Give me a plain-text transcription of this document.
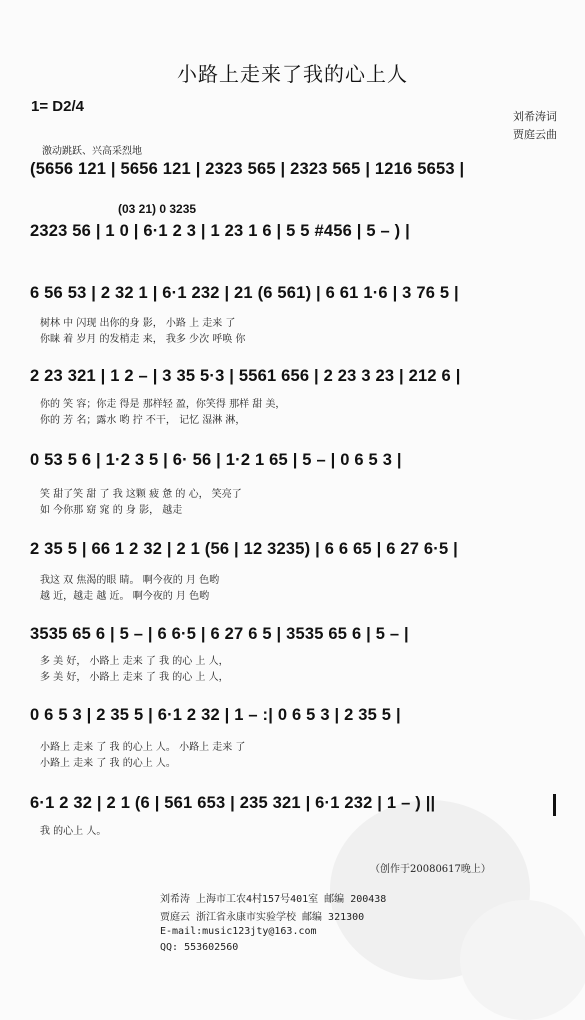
小路上走来了我的心上人
1= D2/4
刘希涛词
贾庭云曲
激动跳跃、兴高采烈地
(5656 121 | 5656 121 | 2323 565 | 2323 565 | 1216 5653 |
(03 21) 0 3235
2323 56 | 1 0 | 6·1 2 3 | 1 23 1 6 | 5 5 #456 | 5 – ) |
6 56 53 | 2 32 1 | 6·1 232 | 21 (6 561) | 6 61 1·6 | 3 76 5 |
树林 中 闪现 出你的身 影， 小路 上 走来 了
你睐 着 岁月 的发梢走 来， 我多 少次 呼唤 你
2 23 321 | 1 2 – | 3 35 5·3 | 5561 656 | 2 23 3 23 | 212 6 |
你的 笑 容；你走 得是 那样轻 盈，你笑得 那样 甜 美，
你的 芳 名；露水 哟 拧 不干， 记忆 湿淋 淋，
0 53 5 6 | 1·2 3 5 | 6· 56 | 1·2 1 65 | 5 – | 0 6 5 3 |
笑 甜了笑 甜 了 我 这颗 疲 惫 的 心， 笑亮了
如 今你那 窈 窕 的 身 影， 越走
2 35 5 | 66 1 2 32 | 2 1 (56 | 12 3235) | 6 6 65 | 6 27 6·5 |
我这 双 焦渴的眼 睛。 啊今夜的 月 色哟
越 近，越走 越 近。 啊今夜的 月 色哟
3535 65 6 | 5 – | 6 6·5 | 6 27 6 5 | 3535 65 6 | 5 – |
多 美 好， 小路上 走来 了 我 的心 上 人，
多 美 好， 小路上 走来 了 我 的心 上 人，
0 6 5 3 | 2 35 5 | 6·1 2 32 | 1 – :| 0 6 5 3 | 2 35 5 |
小路上 走来 了 我 的心上 人。 小路上 走来 了
小路上 走来 了 我 的心上 人。
6·1 2 32 | 2 1 (6 | 561 653 | 235 321 | 6·1 232 | 1 – ) ||
我 的心上 人。
（创作于20080617晚上）
刘希涛 上海市工农4村157号401室 邮编 200438
贾庭云 浙江省永康市实验学校 邮编 321300
E-mail:music123jty@163.com
QQ: 553602560
